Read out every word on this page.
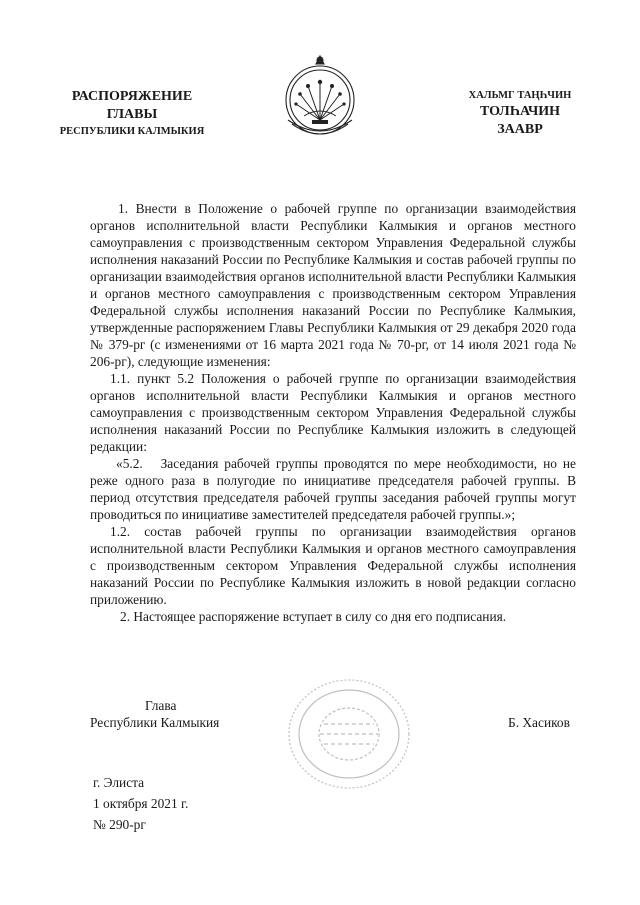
РАСПОРЯЖЕНИЕ
ГЛАВЫ
РЕСПУБЛИКИ КАЛМЫКИЯ
ХАЛЬМГ ТАҢҺЧИН
ТОЛҺАЧИН
ЗААВР

1. Внести в Положение о рабочей группе по организации взаимодействия органов исполнительной власти Республики Калмыкия и органов местного самоуправления с производственным сектором Управления Федеральной службы исполнения наказаний России по Республике Калмыкия и состав рабочей группы по организации взаимодействия органов исполнительной власти Республики Калмыкия и органов местного самоуправления с производственным сектором Управления Федеральной службы исполнения наказаний России по Республике Калмыкия, утвержденные распоряжением Главы Республики Калмыкия от 29 декабря 2020 года № 379-рг (с изменениями от 16 марта 2021 года № 70-рг, от 14 июля 2021 года № 206-рг), следующие изменения:

1.1. пункт 5.2 Положения о рабочей группе по организации взаимодействия органов исполнительной власти Республики Калмыкия и органов местного самоуправления с производственным сектором Управления Федеральной службы исполнения наказаний России по Республике Калмыкия изложить в следующей редакции:

«5.2.   Заседания рабочей группы проводятся по мере необходимости, но не реже одного раза в полугодие по инициативе председателя рабочей группы. В период отсутствия председателя рабочей группы заседания рабочей группы могут проводиться по инициативе заместителей председателя рабочей группы.»;

1.2. состав рабочей группы по организации взаимодействия органов исполнительной власти Республики Калмыкия и органов местного самоуправления с производственным сектором Управления Федеральной службы исполнения наказаний России по Республике Калмыкия изложить в новой редакции согласно приложению.

2. Настоящее распоряжение вступает в силу со дня его подписания.

Глава
Республики Калмыкия	Б. Хасиков
г. Элиста
1 октября 2021 г.
№ 290-рг
